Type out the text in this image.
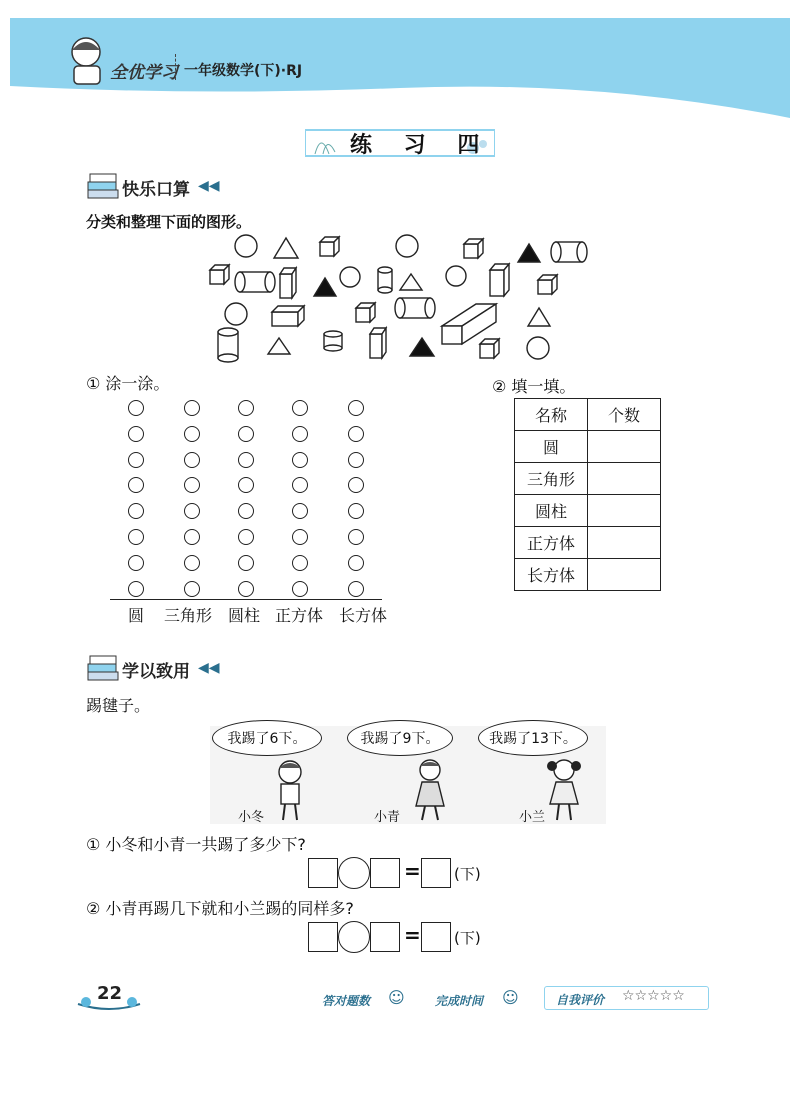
全优学习 一年级数学(下)·RJ
练 习 四
快乐口算 ◀◀
分类和整理下面的图形。
① 涂一涂。
圆 三角形 圆柱 正方体 长方体
② 填一填。
名称	个数
圆	
三角形	
圆柱	
正方体	
长方体	
学以致用 ◀◀
踢毽子。
我踢了6下。	我踢了9下。	我踢了13下。
小冬	小青	小兰
① 小冬和小青一共踢了多少下?
= (下)
② 小青再踢几下就和小兰踢的同样多?
= (下)
22	答对题数 ☺	完成时间 ☺	自我评价 ☆☆☆☆☆
